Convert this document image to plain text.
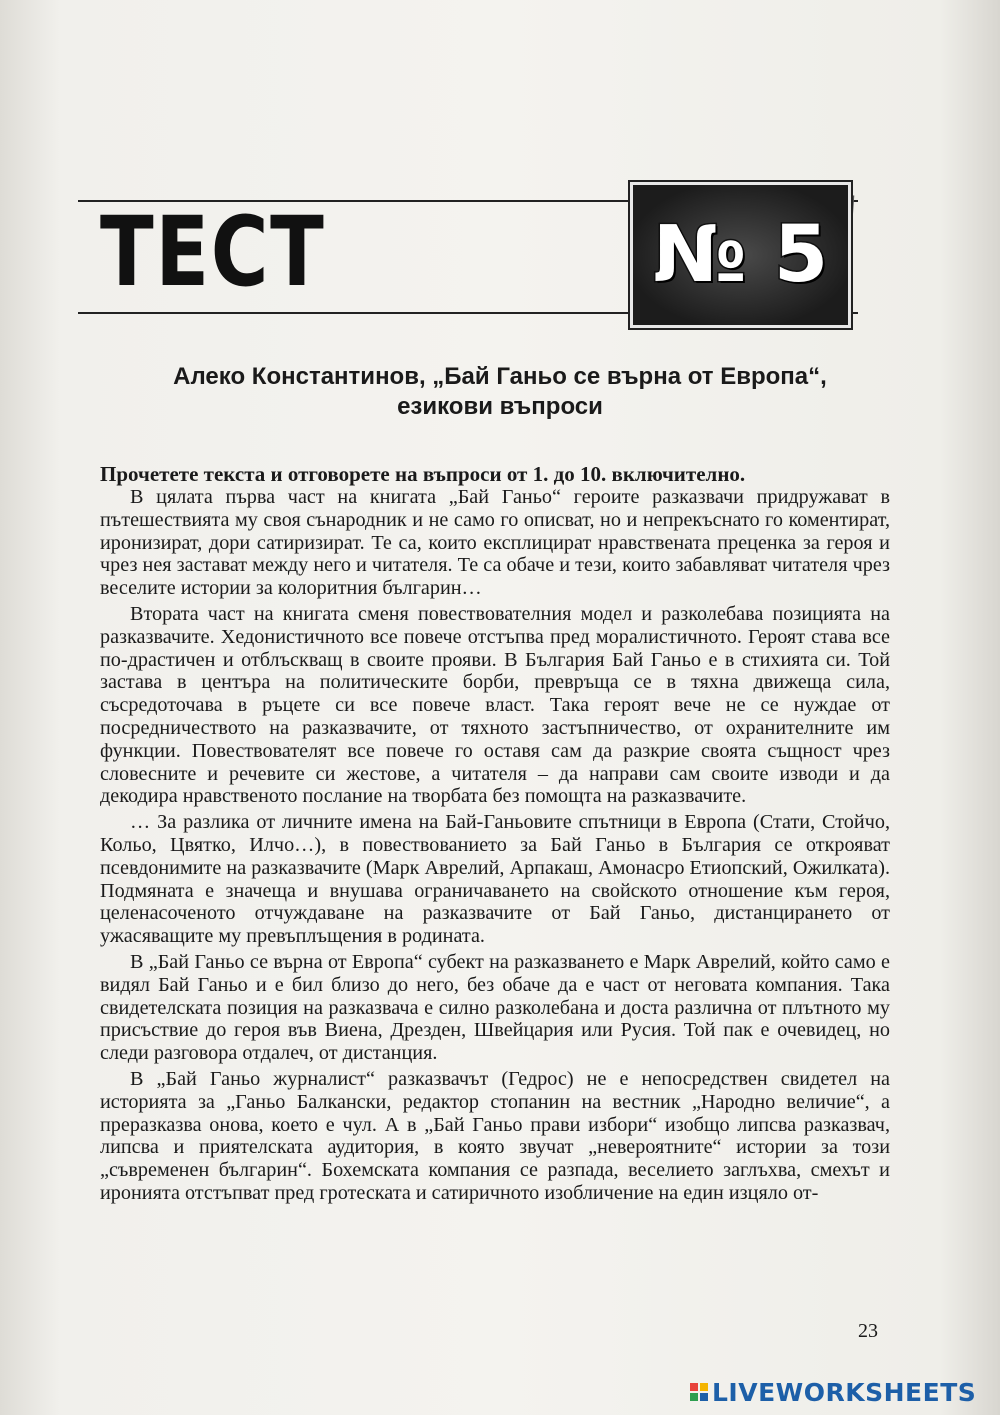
ТЕСТ	№ 5
Алеко Константинов, „Бай Ганьо се върна от Европа“,
езикови въпроси
Прочетете текста и отговорете на въпроси от 1. до 10. включително.

В цялата първа част на книгата „Бай Ганьо“ героите разказвачи придружават в пътешествията му своя сънародник и не само го описват, но и непрекъснато го коментират, иронизират, дори сатиризират. Те са, които експлицират нравствената преценка за героя и чрез нея застават между него и читателя. Те са обаче и тези, които забавляват читателя чрез веселите истории за колоритния българин…

Втората част на книгата сменя повествователния модел и разколебава позицията на разказвачите. Хедонистичното все повече отстъпва пред моралистичното. Героят става все по-драстичен и отблъскващ в своите прояви. В България Бай Ганьо е в стихията си. Той застава в центъра на политическите борби, превръща се в тяхна движеща сила, съсредоточава в ръцете си все повече власт. Така героят вече не се нуждае от посредничеството на разказвачите, от тяхното застъпничество, от охранителните им функции. Повествователят все повече го оставя сам да разкрие своята същност чрез словесните и речевите си жестове, а читателя – да направи сам своите изводи и да декодира нравственото послание на творбата без помощта на разказвачите.

… За разлика от личните имена на Бай-Ганьовите спътници в Европа (Стати, Стойчо, Кольо, Цвятко, Илчо…), в повествованието за Бай Ганьо в България се открояват псевдонимите на разказвачите (Марк Аврелий, Арпакаш, Амонасро Етиопский, Ожилката). Подмяната е значеща и внушава ограничаването на свойското отношение към героя, целенасоченото отчуждаване на разказвачите от Бай Ганьо, дистанцирането от ужасяващите му превъплъщения в родината.

В „Бай Ганьо се върна от Европа“ субект на разказването е Марк Аврелий, който само е видял Бай Ганьо и е бил близо до него, без обаче да е част от неговата компания. Така свидетелската позиция на разказвача е силно разколебана и доста различна от плътното му присъствие до героя във Виена, Дрезден, Швейцария или Русия. Той пак е очевидец, но следи разговора отдалеч, от дистанция.

В „Бай Ганьо журналист“ разказвачът (Гедрос) не е непосредствен свидетел на историята за „Ганьо Балкански, редактор стопанин на вестник „Народно величие“, а преразказва онова, което е чул. А в „Бай Ганьо прави избори“ изобщо липсва разказвач, липсва и приятелската аудитория, в която звучат „невероятните“ истории за този „съвременен българин“. Бохемската компания се разпада, веселието заглъхва, смехът и иронията отстъпват пред гротеската и сатиричното изобличение на един изцяло от-

23
LIVEWORKSHEETS
